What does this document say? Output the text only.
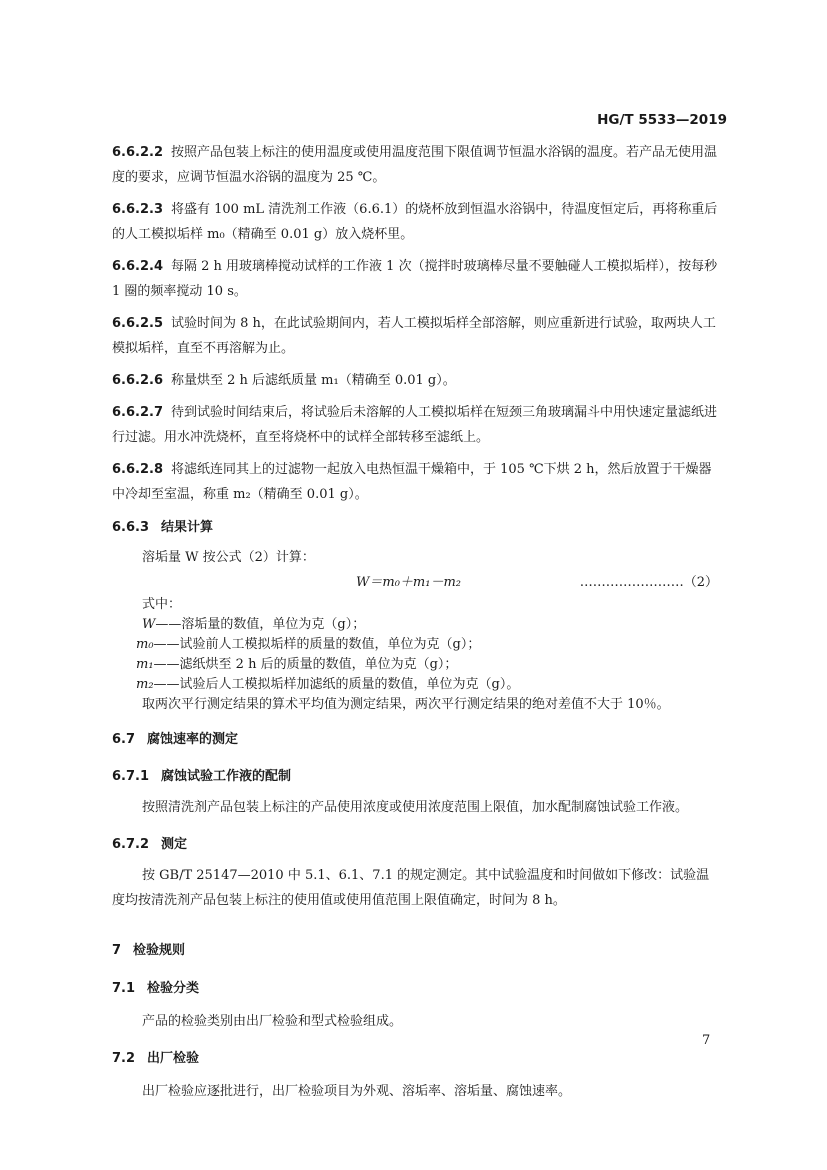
HG/T 5533—2019
6.6.2.2 按照产品包装上标注的使用温度或使用温度范围下限值调节恒温水浴锅的温度。若产品无使用温度的要求，应调节恒温水浴锅的温度为 25 ℃。
6.6.2.3 将盛有 100 mL 清洗剂工作液（6.6.1）的烧杯放到恒温水浴锅中，待温度恒定后，再将称重后的人工模拟垢样 m₀（精确至 0.01 g）放入烧杯里。
6.6.2.4 每隔 2 h 用玻璃棒搅动试样的工作液 1 次（搅拌时玻璃棒尽量不要触碰人工模拟垢样），按每秒 1 圈的频率搅动 10 s。
6.6.2.5 试验时间为 8 h，在此试验期间内，若人工模拟垢样全部溶解，则应重新进行试验，取两块人工模拟垢样，直至不再溶解为止。
6.6.2.6 称量烘至 2 h 后滤纸质量 m₁（精确至 0.01 g）。
6.6.2.7 待到试验时间结束后，将试验后未溶解的人工模拟垢样在短颈三角玻璃漏斗中用快速定量滤纸进行过滤。用水冲洗烧杯，直至将烧杯中的试样全部转移至滤纸上。
6.6.2.8 将滤纸连同其上的过滤物一起放入电热恒温干燥箱中，于 105 ℃下烘 2 h，然后放置于干燥器中冷却至室温，称重 m₂（精确至 0.01 g）。
6.6.3 结果计算
溶垢量 W 按公式（2）计算：
W＝m₀＋m₁－m₂	……………………（2）
式中：
W——溶垢量的数值，单位为克（g）；
m₀——试验前人工模拟垢样的质量的数值，单位为克（g）；
m₁——滤纸烘至 2 h 后的质量的数值，单位为克（g）；
m₂——试验后人工模拟垢样加滤纸的质量的数值，单位为克（g）。
取两次平行测定结果的算术平均值为测定结果，两次平行测定结果的绝对差值不大于 10％。
6.7 腐蚀速率的测定
6.7.1 腐蚀试验工作液的配制
按照清洗剂产品包装上标注的产品使用浓度或使用浓度范围上限值，加水配制腐蚀试验工作液。
6.7.2 测定
按 GB/T 25147—2010 中 5.1、6.1、7.1 的规定测定。其中试验温度和时间做如下修改：试验温度均按清洗剂产品包装上标注的使用值或使用值范围上限值确定，时间为 8 h。
7 检验规则
7.1 检验分类
产品的检验类别由出厂检验和型式检验组成。
7.2 出厂检验
出厂检验应逐批进行，出厂检验项目为外观、溶垢率、溶垢量、腐蚀速率。
7
